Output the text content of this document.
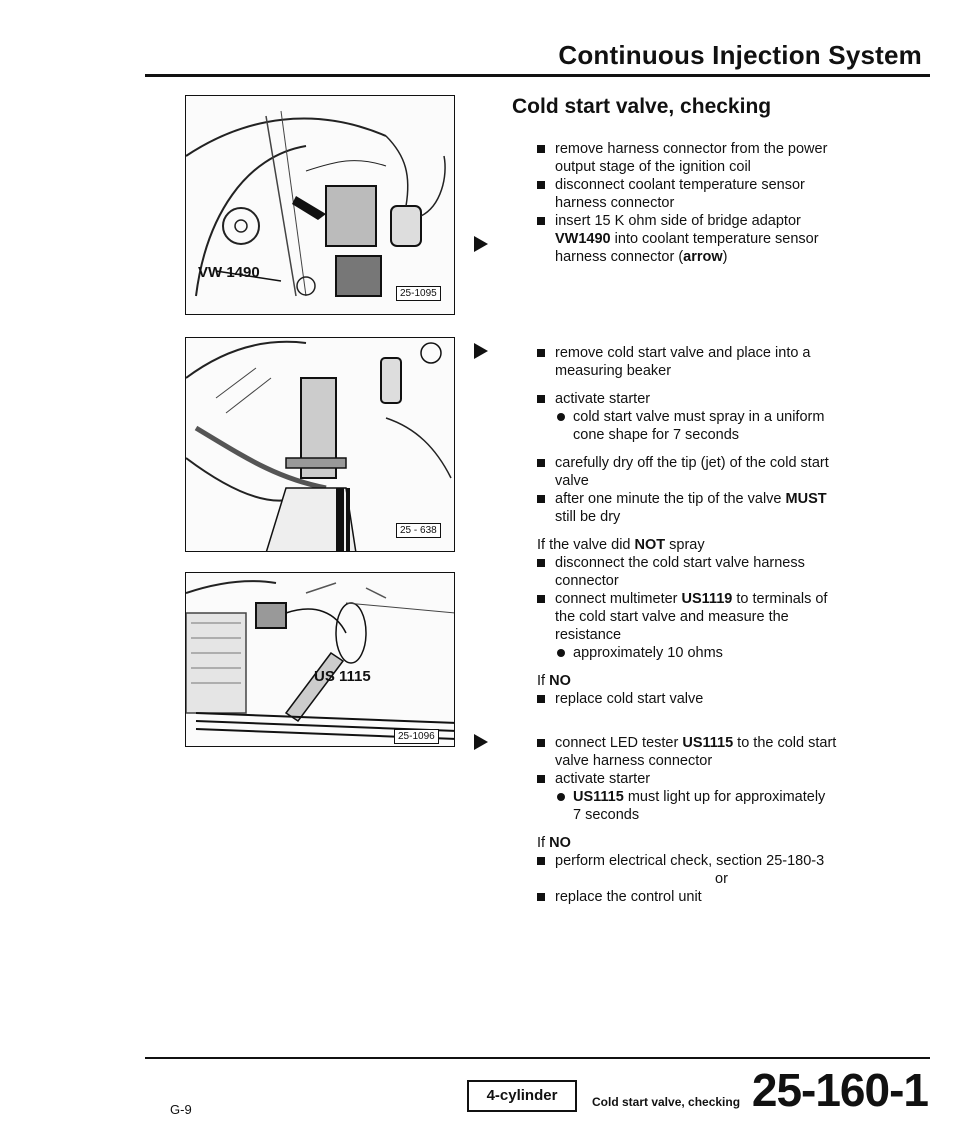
Continuous Injection System
VW 1490
25-1095
25 - 638
US 1115
25-1096
Cold start valve, checking
remove harness connector from the power
output stage of the ignition coil
disconnect coolant temperature sensor
harness connector
insert 15 K ohm side of bridge adaptor
VW1490 into coolant temperature sensor
harness connector (arrow)
remove cold start valve and place into a
measuring beaker
activate starter
cold start valve must spray in a uniform
cone shape for 7 seconds
carefully dry off the tip (jet) of the cold start
valve
after one minute the tip of the valve MUST
still be dry
If the valve did NOT spray
disconnect the cold start valve harness
connector
connect multimeter US1119 to terminals of
the cold start valve and measure the
resistance
approximately 10 ohms
If NO
replace cold start valve
connect LED tester US1115 to the cold start
valve harness connector
activate starter
US1115 must light up for approximately
7 seconds
If NO
perform electrical check, section 25-180-3
or
replace the control unit
G-9
4-cylinder	Cold start valve, checking 25-160-1
